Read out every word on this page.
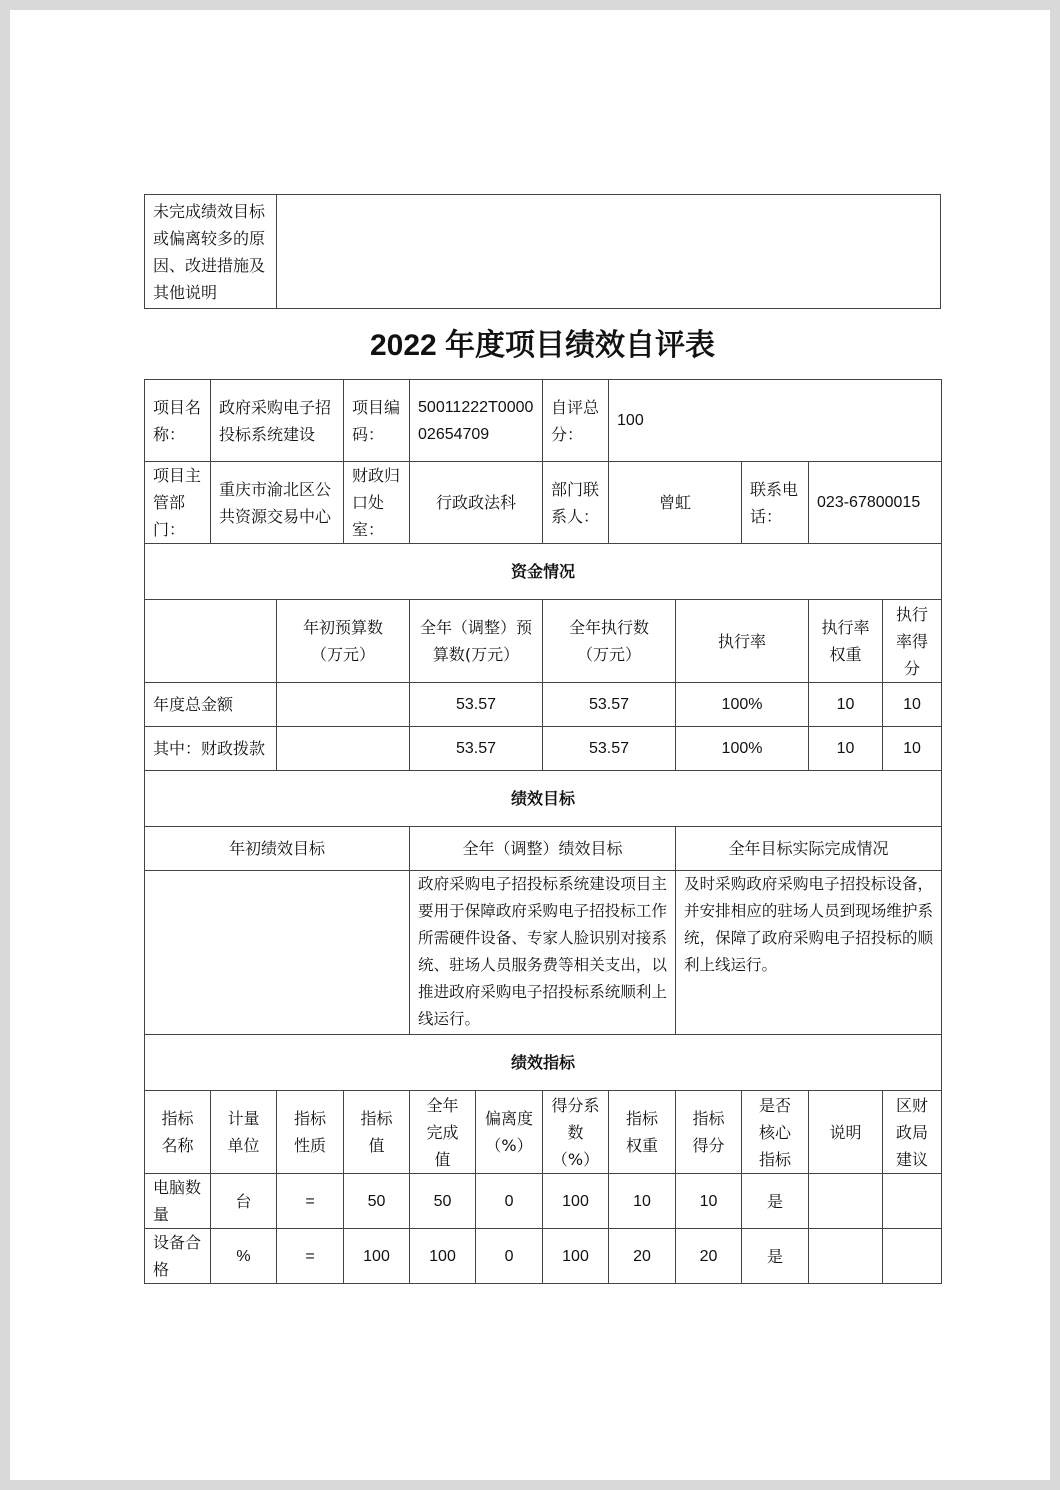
未完成绩效目标或偏离较多的原因、改进措施及其他说明	
2022 年度项目绩效自评表
项目名称：	政府采购电子招投标系统建设		项目编码：	50011222T000002654709		自评总分：	100				
项目主管部门：	重庆市渝北区公共资源交易中心		财政归口处室：	行政政法科		部门联系人：	曾虹		联系电话：	023-67800015	
资金情况											
		年初预算数（万元）		全年（调整）预算数(万元）		全年执行数（万元）		执行率		执行率权重	执行率得分
年度总金额				53.57		53.57		100%		10	10
其中：财政拨款				53.57		53.57		100%		10	10
绩效目标											
年初绩效目标				全年（调整）绩效目标				全年目标实际完成情况			
				政府采购电子招投标系统建设项目主要用于保障政府采购电子招投标工作所需硬件设备、专家人脸识别对接系统、驻场人员服务费等相关支出，以推进政府采购电子招投标系统顺利上线运行。				及时采购政府采购电子招投标设备，并安排相应的驻场人员到现场维护系统，保障了政府采购电子招投标的顺利上线运行。			
绩效指标											
指标名称	计量单位	指标性质	指标值	全年完成值	偏离度（%）	得分系数（%）	指标权重	指标得分	是否核心指标	说明	区财政局建议
电脑数量	台	=	50	50	0	100	10	10	是		
设备合格	%	=	100	100	0	100	20	20	是		
